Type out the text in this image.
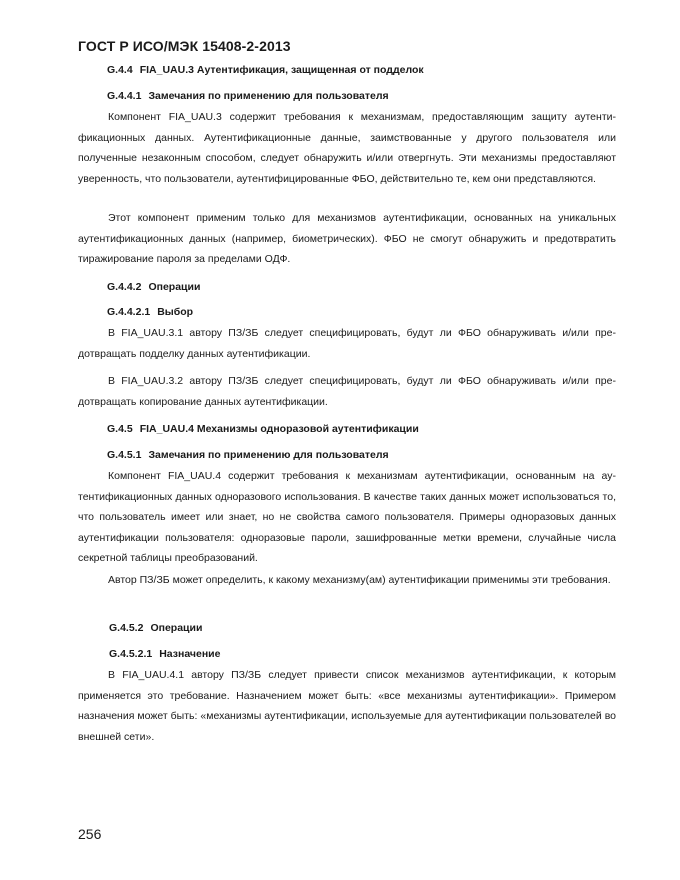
ГОСТ Р ИСО/МЭК 15408-2-2013
G.4.4 FIA_UAU.3 Аутентификация, защищенная от подделок
G.4.4.1 Замечания по применению для пользователя
Компонент FIA_UAU.3 содержит требования к механизмам, предоставляющим защиту аутентификационных данных. Аутентификационные данные, заимствованные у другого пользователя или полученные незаконным способом, следует обнаружить и/или отвергнуть. Эти механизмы предоставляют уверенность, что пользователи, аутентифицированные ФБО, действительно те, кем они представляются.
Этот компонент применим только для механизмов аутентификации, основанных на уникальных аутентификационных данных (например, биометрических). ФБО не смогут обнаружить и предотвратить тиражирование пароля за пределами ОДФ.
G.4.4.2 Операции
G.4.4.2.1 Выбор
В FIA_UAU.3.1 автору ПЗ/ЗБ следует специфицировать, будут ли ФБО обнаруживать и/или предотвращать подделку данных аутентификации.
В FIA_UAU.3.2 автору ПЗ/ЗБ следует специфицировать, будут ли ФБО обнаруживать и/или предотвращать копирование данных аутентификации.
G.4.5 FIA_UAU.4 Механизмы одноразовой аутентификации
G.4.5.1 Замечания по применению для пользователя
Компонент FIA_UAU.4 содержит требования к механизмам аутентификации, основанным на аутентификационных данных одноразового использования. В качестве таких данных может использоваться то, что пользователь имеет или знает, но не свойства самого пользователя. Примеры одноразовых данных аутентификации пользователя: одноразовые пароли, зашифрованные метки времени, случайные числа секретной таблицы преобразований.
Автор ПЗ/ЗБ может определить, к какому механизму(ам) аутентификации применимы эти требования.
G.4.5.2 Операции
G.4.5.2.1 Назначение
В FIA_UAU.4.1 автору ПЗ/ЗБ следует привести список механизмов аутентификации, к которым применяется это требование. Назначением может быть: «все механизмы аутентификации». Примером назначения может быть: «механизмы аутентификации, используемые для аутентификации пользователей во внешней сети».
256
